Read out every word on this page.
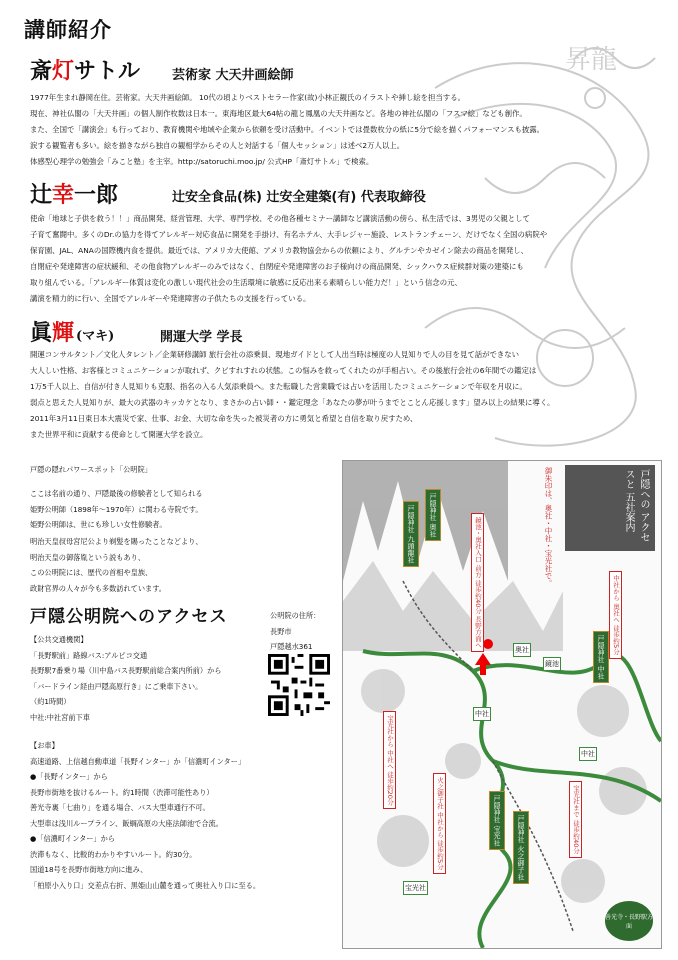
講師紹介
昇龍
斎灯サトル 芸術家 大天井画絵師
1977年生まれ静岡在住。芸術家。大天井画絵師。 10代の頃よりベストセラー作家(故)小林正観氏のイラストや挿し絵を担当する。
現在、神社仏閣の「大天井画」の個人制作枚数は日本一。東海地区最大64帖の龍と鳳凰の大天井画など。各地の神社仏閣の「フスマ絵」なども創作。
また、全国で「講演会」も行っており、教育機関や地域や企業から依頼を受け活動中。イベントでは畳数枚分の紙に5分で絵を描くパフォーマンスも披露。
涙する観覧者も多い。絵を描きながら独自の観相学からその人と対話する「個人セッション」は述べ2万人以上。
体感型心理学の勉強会「みこと塾」を主宰。http://satoruchi.moo.jp/ 公式HP「斎灯サトル」で検索。
辻幸一郎	辻安全食品(株) 辻安全建築(有) 代表取締役
使命「地球と子供を救う！！」商品開発、経営管理、大学、専門学校、その他各種セミナー講師など講演活動の傍ら、私生活では、3男児の父親として
子育て奮闘中。多くのDr.の協力を得てアレルギー対応食品に開発を手掛け、有名ホテル、大手レジャー施設、レストランチェーン、だけでなく全国の病院や
保育園、JAL、ANAの国際機内食を提供。最近では、アメリカ大使館、アメリカ教物協会からの依頼により、グルテンやカゼイン除去の商品を開発し、
自閉症や発達障害の症状緩和、その他食物アレルギーのみではなく、自閉症や発達障害のお子様向けの商品開発、シックハウス症候群対策の建築にも
取り組んでいる。「アレルギー体質は変化の激しい現代社会の生活環境に敏感に反応出来る素晴らしい能力だ！」という信念の元、
講演を精力的に行い、全国でアレルギーや発達障害の子供たちの支援を行っている。
眞輝 (マキ)	開運大学 学長
開運コンサルタント／文化人タレント／企業研修講師 旅行会社の添乗員、現地ガイドとして人出当時は極度の人見知りで人の目を見て話ができない
大人しい性格、お客様とコミュニケーションが取れず、クビすれすれの状態。この悩みを救ってくれたのが手相占い。その後旅行会社の6年間での鑑定は
1万5千人以上、自信が付き人見知りも克服、指名の入る人気添乗員へ。また転職した営業職では占いを活用したコミュニケーションで年収を月収に。
弱点と思えた人見知りが、最大の武器のキッカケとなり、まさかの占い師・・鑑定理念「あなたの夢が叶うまでとことん応援します」望み以上の結果に導く。
2011年3月11日東日本大震災で家、仕事、お金、大切な命を失った被災者の方に勇気と希望と自信を取り戻すため、
また世界平和に貢献する使命として開運大学を設立。
戸隠の隠れパワースポット「公明院」
ここは名前の通り、戸隠最後の修験者として知られる
姫野公明師（1898年～1970年）に関わる寺院です。
姫野公明師は、世にも珍しい女性修験者。
明治天皇叔母宮尼公より剃髪を賜ったことなどより、
明治天皇の御落胤という説もあり、
この公明院には、歴代の首相や皇族、
政財官界の人々が今も多数訪れています。
戸隠公明院へのアクセス
【公共交通機関】
「長野駅前」路線バス:アルピコ交通
長野駅7番乗り場（川中島バス長野駅前総合案内所前）から
「バードライン経由戸隠高原行き」にご乗車下さい。
（約1時間）
中社:中社宮前下車
公明院の住所：
長野市
戸隠越水361
【お車】
高速道路、上信越自動車道「長野インター」か「信濃町インター」
●「長野インター」から
長野市街地を抜けるルート。約1時間（渋滞可能性あり）
善光寺裏「七曲り」を通る場合、バス大型車通行不可。
大型車は浅川ループライン、飯綱高原の大座法師池で合流。
●「信濃町インター」から
渋滞もなく、比較的わかりやすいルート。約30分。
国道18号を長野市街地方向に進み、
「柏原小入り口」交差点右折、黒姫山山麓を通って奥社入り口に至る。
戸隠への アクセスと 五社案内
御朱印は、奥社・中社・宝光社で。
戸隠神社 九頭龍社	戸隠神社 奥社
戸隠神社 中社
戸隠神社 宝光社	戸隠神社 火之御子社
鏡池・奥社入口 前方 徒歩約40分 長野方面へ	中社から 奥社へ 徒歩約5分
宝光社から 中社へ 徒歩約20分
火之御子社 中社から 徒歩約5分	宝光社まで 徒歩約40分
奥社
中社
宝光社
鏡池
中社
善光寺・長野駅方面
